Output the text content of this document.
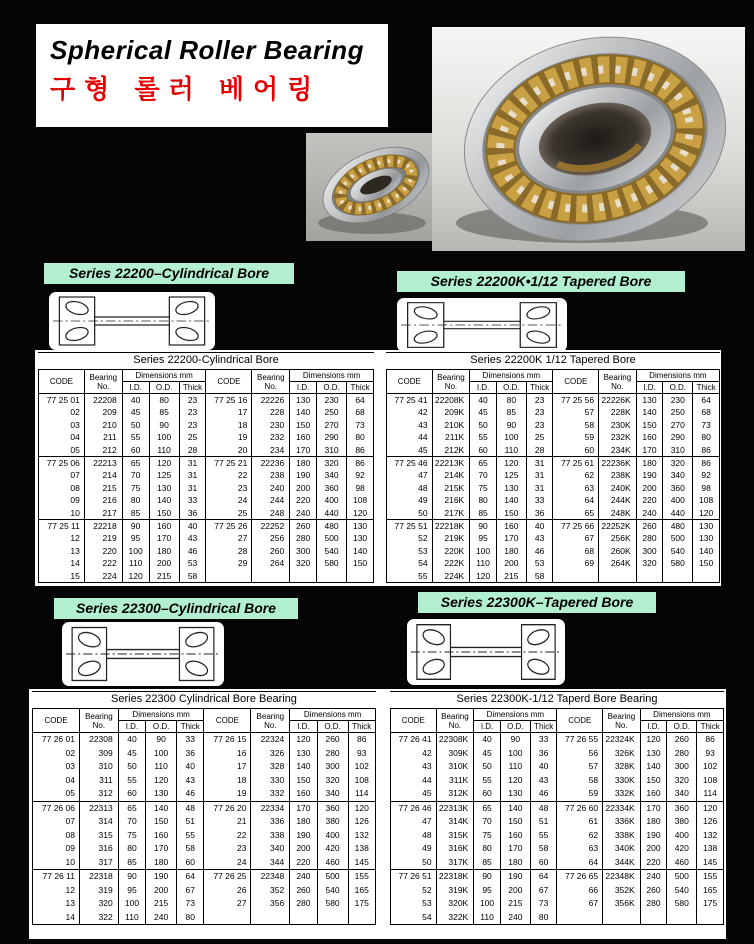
Spherical Roller Bearing
구형 롤러 베어링
Series 22200–Cylindrical Bore	Series 22200K•1/12 Tapered Bore
Series 22300–Cylindrical Bore	Series 22300K–Tapered Bore
Series 22200-Cylindrical Bore
CODE	Bearing No.	Dimensions mm			CODE	Bearing No.	Dimensions mm		
		I.D.	O.D.	Thick			I.D.	O.D.	Thick
77 25 01	22208	40	80	23	77 25 16	22226	130	230	64
02	209	45	85	23	17	228	140	250	68
03	210	50	90	23	18	230	150	270	73
04	211	55	100	25	19	232	160	290	80
05	212	60	110	28	20	234	170	310	86
77 25 06	22213	65	120	31	77 25 21	22236	180	320	86
07	214	70	125	31	22	238	190	340	92
08	215	75	130	31	23	240	200	360	98
09	216	80	140	33	24	244	220	400	108
10	217	85	150	36	25	248	240	440	120
77 25 11	22218	90	160	40	77 25 26	22252	260	480	130
12	219	95	170	43	27	256	280	500	130
13	220	100	180	46	28	260	300	540	140
14	222	110	200	53	29	264	320	580	150
15	224	120	215	58					
Series 22200K 1/12 Tapered Bore
CODE	Bearing No.	Dimensions mm			CODE	Bearing No.	Dimensions mm		
		I.D.	O.D.	Thick			I.D.	O.D.	Thick
77 25 41	22208K	40	80	23	77 25 56	22226K	130	230	64
42	209K	45	85	23	57	228K	140	250	68
43	210K	50	90	23	58	230K	150	270	73
44	211K	55	100	25	59	232K	160	290	80
45	212K	60	110	28	60	234K	170	310	86
77 25 46	22213K	65	120	31	77 25 61	22236K	180	320	86
47	214K	70	125	31	62	238K	190	340	92
48	215K	75	130	31	63	240K	200	360	98
49	216K	80	140	33	64	244K	220	400	108
50	217K	85	150	36	65	248K	240	440	120
77 25 51	22218K	90	160	40	77 25 66	22252K	260	480	130
52	219K	95	170	43	67	256K	280	500	130
53	220K	100	180	46	68	260K	300	540	140
54	222K	110	200	53	69	264K	320	580	150
55	224K	120	215	58					
Series 22300 Cylindrical Bore Bearing
CODE	Bearing No.	Dimensions mm			CODE	Bearing No.	Dimensions mm		
		I.D.	O.D.	Thick			I.D.	O.D.	Thick
77 26 01	22308	40	90	33	77 26 15	22324	120	260	86
02	309	45	100	36	16	326	130	280	93
03	310	50	110	40	17	328	140	300	102
04	311	55	120	43	18	330	150	320	108
05	312	60	130	46	19	332	160	340	114
77 26 06	22313	65	140	48	77 26 20	22334	170	360	120
07	314	70	150	51	21	336	180	380	126
08	315	75	160	55	22	338	190	400	132
09	316	80	170	58	23	340	200	420	138
10	317	85	180	60	24	344	220	460	145
77 26 11	22318	90	190	64	77 26 25	22348	240	500	155
12	319	95	200	67	26	352	260	540	165
13	320	100	215	73	27	356	280	580	175
14	322	110	240	80					
Series 22300K-1/12 Taperd Bore Bearing
CODE	Bearing No.	Dimensions mm			CODE	Bearing No.	Dimensions mm		
		I.D.	O.D.	Thick			I.D.	O.D.	Thick
77 26 41	22308K	40	90	33	77 26 55	22324K	120	260	86
42	309K	45	100	36	56	326K	130	280	93
43	310K	50	110	40	57	328K	140	300	102
44	311K	55	120	43	58	330K	150	320	108
45	312K	60	130	46	59	332K	160	340	114
77 26 46	22313K	65	140	48	77 26 60	22334K	170	360	120
47	314K	70	150	51	61	336K	180	380	126
48	315K	75	160	55	62	338K	190	400	132
49	316K	80	170	58	63	340K	200	420	138
50	317K	85	180	60	64	344K	220	460	145
77 26 51	22318K	90	190	64	77 26 65	22348K	240	500	155
52	319K	95	200	67	66	352K	260	540	165
53	320K	100	215	73	67	356K	280	580	175
54	322K	110	240	80					
